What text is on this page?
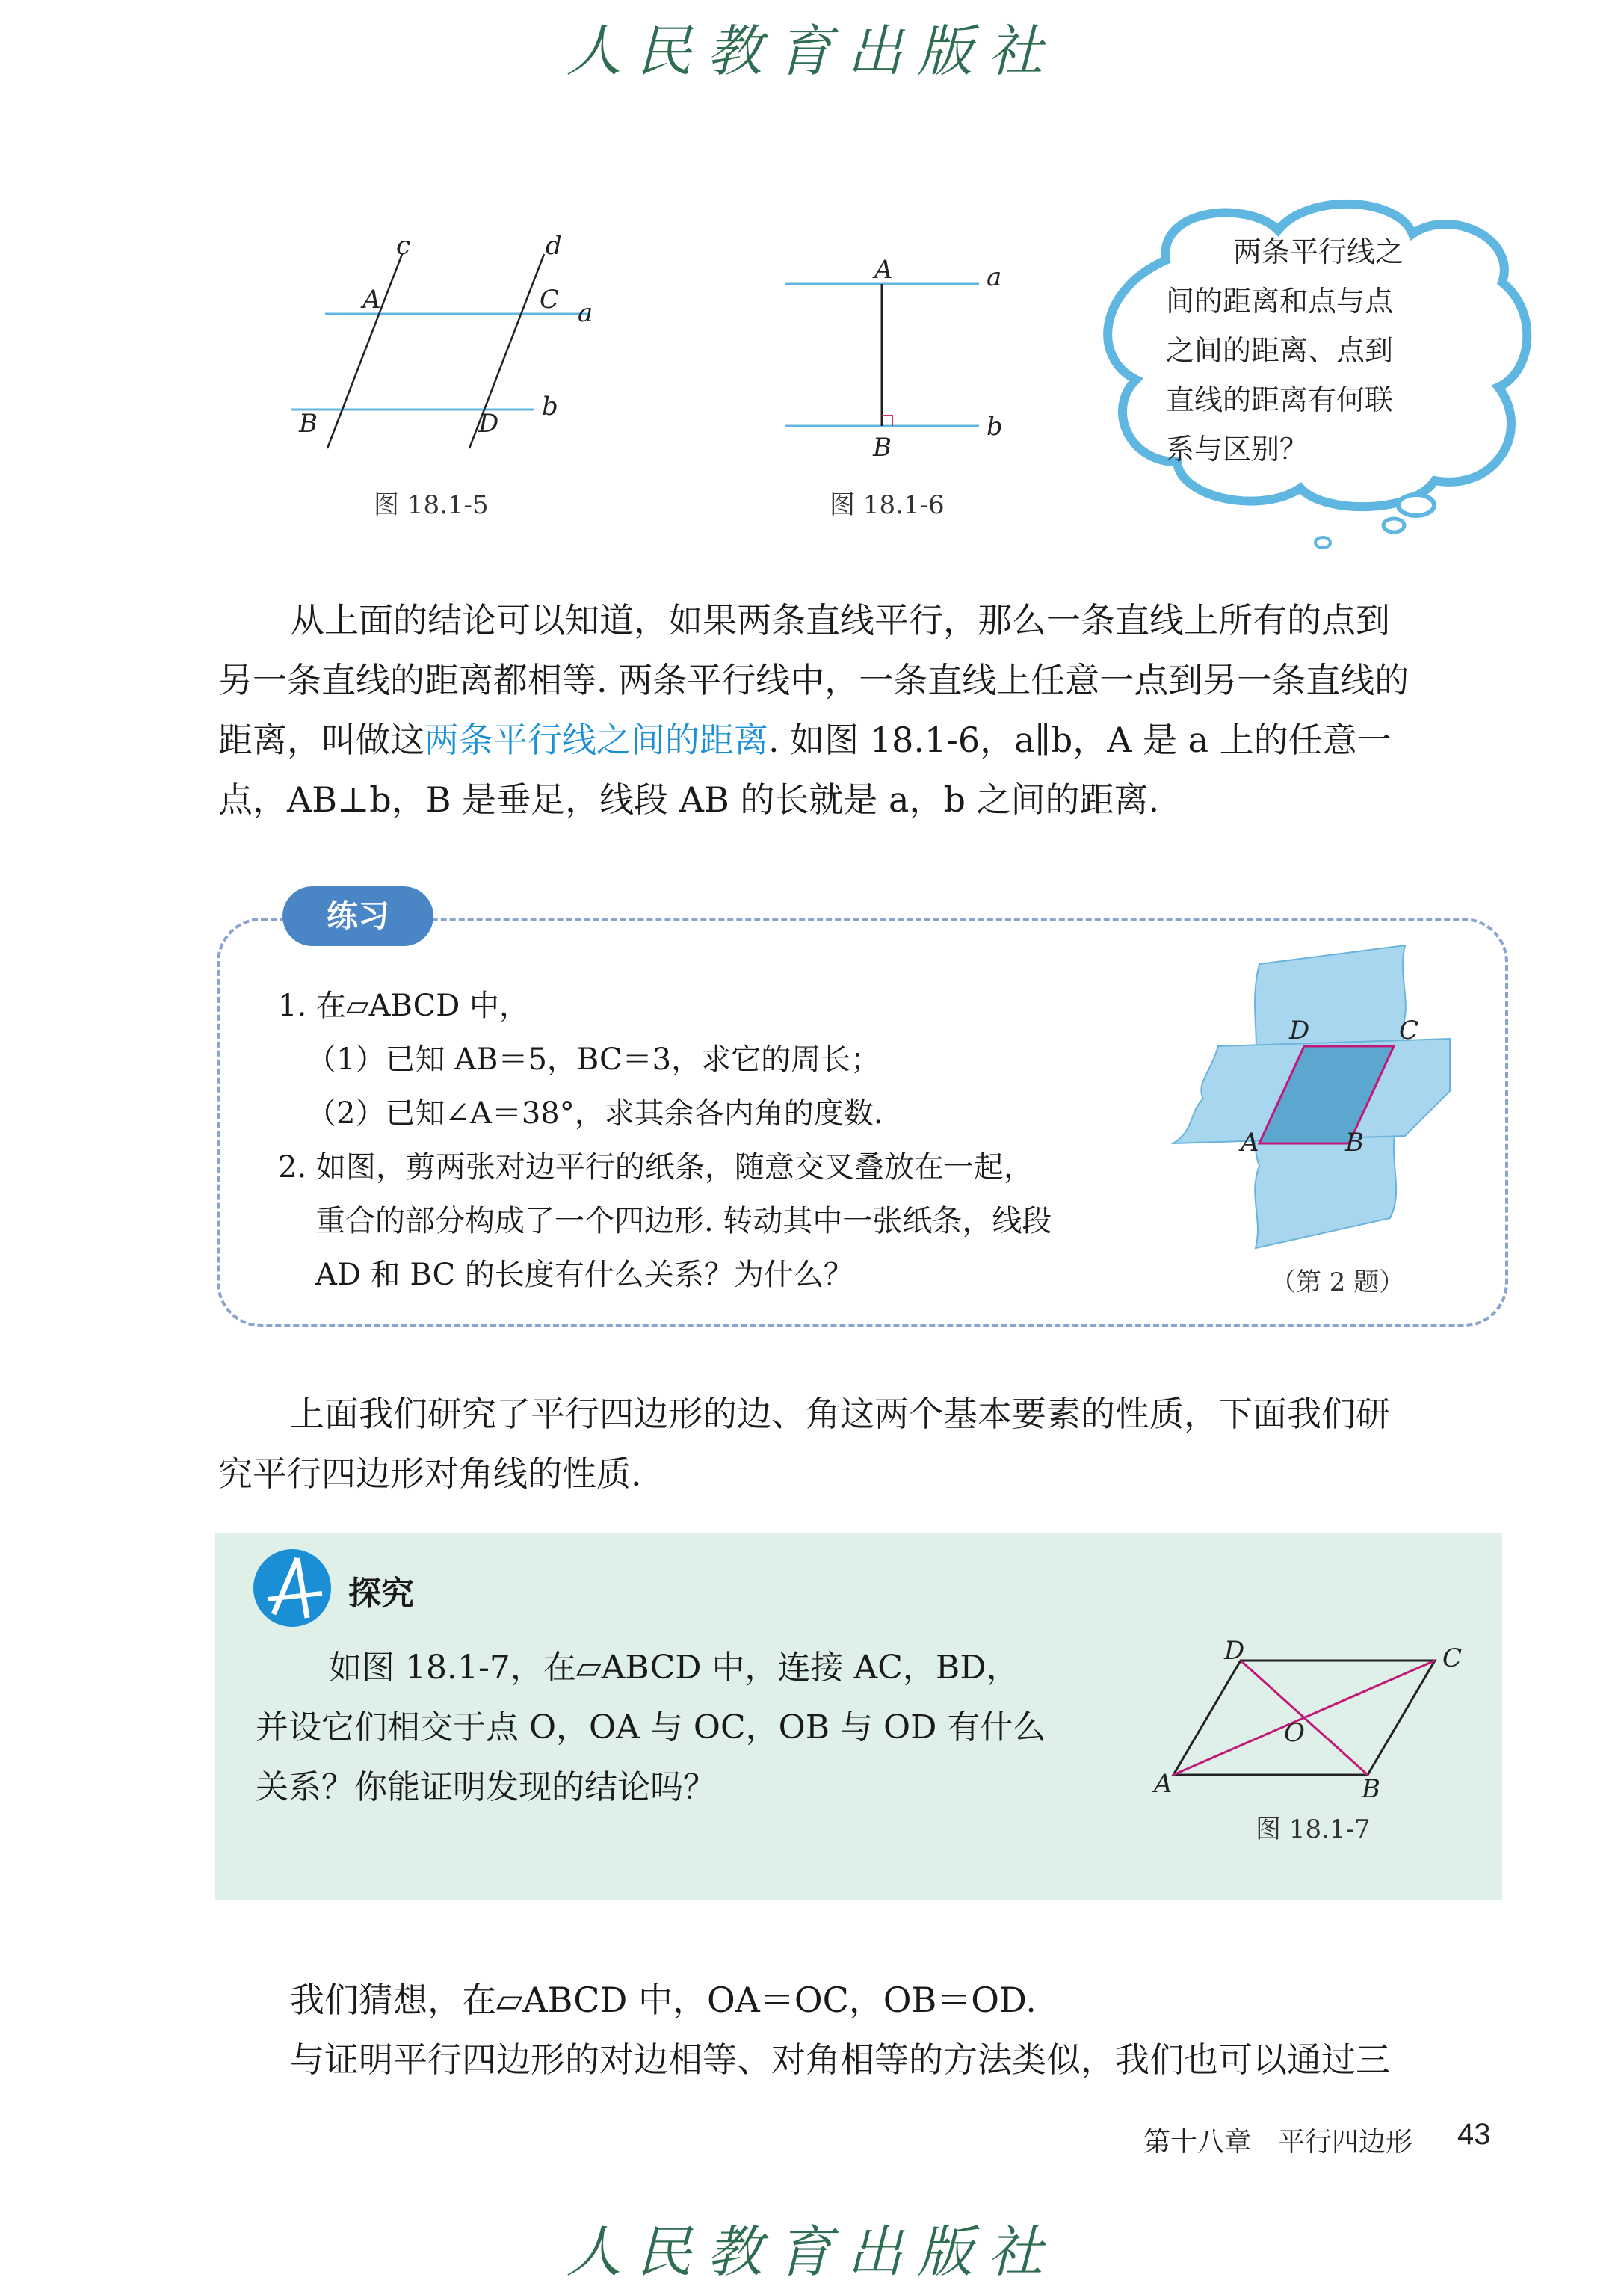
人民教育出版社
c	d
A	C a
B	D
b
图 18.1-5
A	a
B
b
图 18.1-6
两条平行线之
间的距离和点与点
之间的距离、点到
直线的距离有何联
系与区别？
从上面的结论可以知道，如果两条直线平行，那么一条直线上所有的点到
另一条直线的距离都相等. 两条平行线中，一条直线上任意一点到另一条直线的
距离，叫做这两条平行线之间的距离. 如图 18.1-6，a∥b，A 是 a 上的任意一
点，AB⊥b，B 是垂足，线段 AB 的长就是 a，b 之间的距离.
练习
1. 在▱ABCD 中，
（1）已知 AB＝5，BC＝3，求它的周长；
（2）已知∠A＝38°，求其余各内角的度数.
2. 如图，剪两张对边平行的纸条，随意交叉叠放在一起，
重合的部分构成了一个四边形. 转动其中一张纸条，线段
AD 和 BC 的长度有什么关系？为什么？
D	C
A	B
（第 2 题）
上面我们研究了平行四边形的边、角这两个基本要素的性质，下面我们研
究平行四边形对角线的性质.
探究
如图 18.1-7，在▱ABCD 中，连接 AC，BD，
并设它们相交于点 O，OA 与 OC，OB 与 OD 有什么
关系？你能证明发现的结论吗？
D	C
O
A	B
图 18.1-7
我们猜想，在▱ABCD 中，OA＝OC，OB＝OD.
与证明平行四边形的对边相等、对角相等的方法类似，我们也可以通过三
第十八章　平行四边形 43
人民教育出版社
